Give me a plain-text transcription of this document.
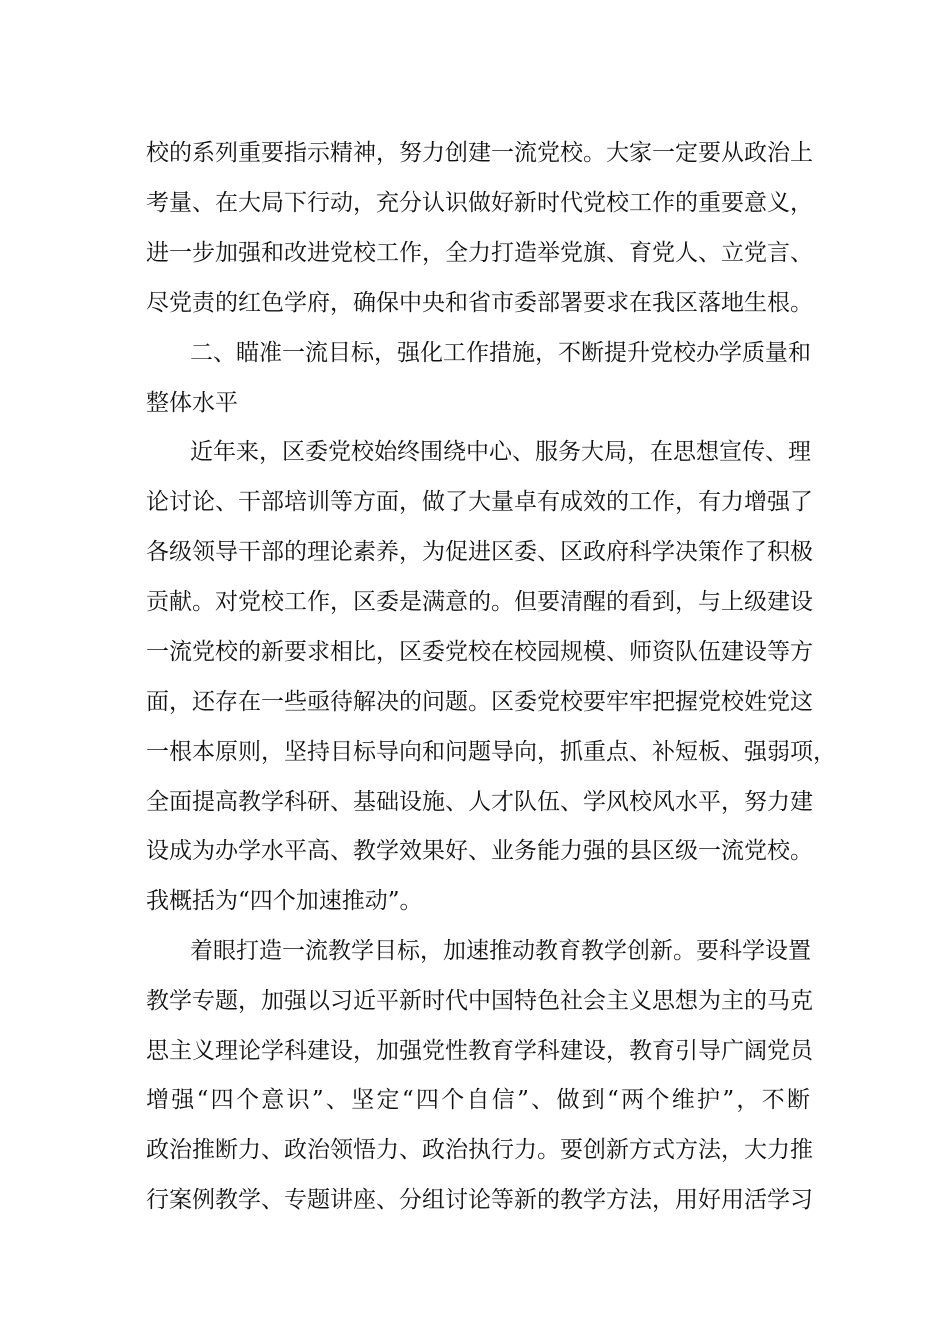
校的系列重要指示精神，努力创建一流党校。大家一定要从政治上
考量、在大局下行动，充分认识做好新时代党校工作的重要意义，
进一步加强和改进党校工作，全力打造举党旗、育党人、立党言、
尽党责的红色学府，确保中央和省市委部署要求在我区落地生根。
二、瞄准一流目标，强化工作措施，不断提升党校办学质量和
整体水平
近年来，区委党校始终围绕中心、服务大局，在思想宣传、理
论讨论、干部培训等方面，做了大量卓有成效的工作，有力增强了
各级领导干部的理论素养，为促进区委、区政府科学决策作了积极
贡献。对党校工作，区委是满意的。但要清醒的看到，与上级建设
一流党校的新要求相比，区委党校在校园规模、师资队伍建设等方
面，还存在一些亟待解决的问题。区委党校要牢牢把握党校姓党这
一根本原则，坚持目标导向和问题导向，抓重点、补短板、强弱项，
全面提高教学科研、基础设施、人才队伍、学风校风水平，努力建
设成为办学水平高、教学效果好、业务能力强的县区级一流党校。
我概括为“四个加速推动”。
着眼打造一流教学目标，加速推动教育教学创新。要科学设置
教学专题，加强以习近平新时代中国特色社会主义思想为主的马克
思主义理论学科建设，加强党性教育学科建设，教育引导广阔党员
增强“四个意识”、坚定“四个自信”、做到“两个维护”，不断
政治推断力、政治领悟力、政治执行力。要创新方式方法，大力推
行案例教学、专题讲座、分组讨论等新的教学方法，用好用活学习
